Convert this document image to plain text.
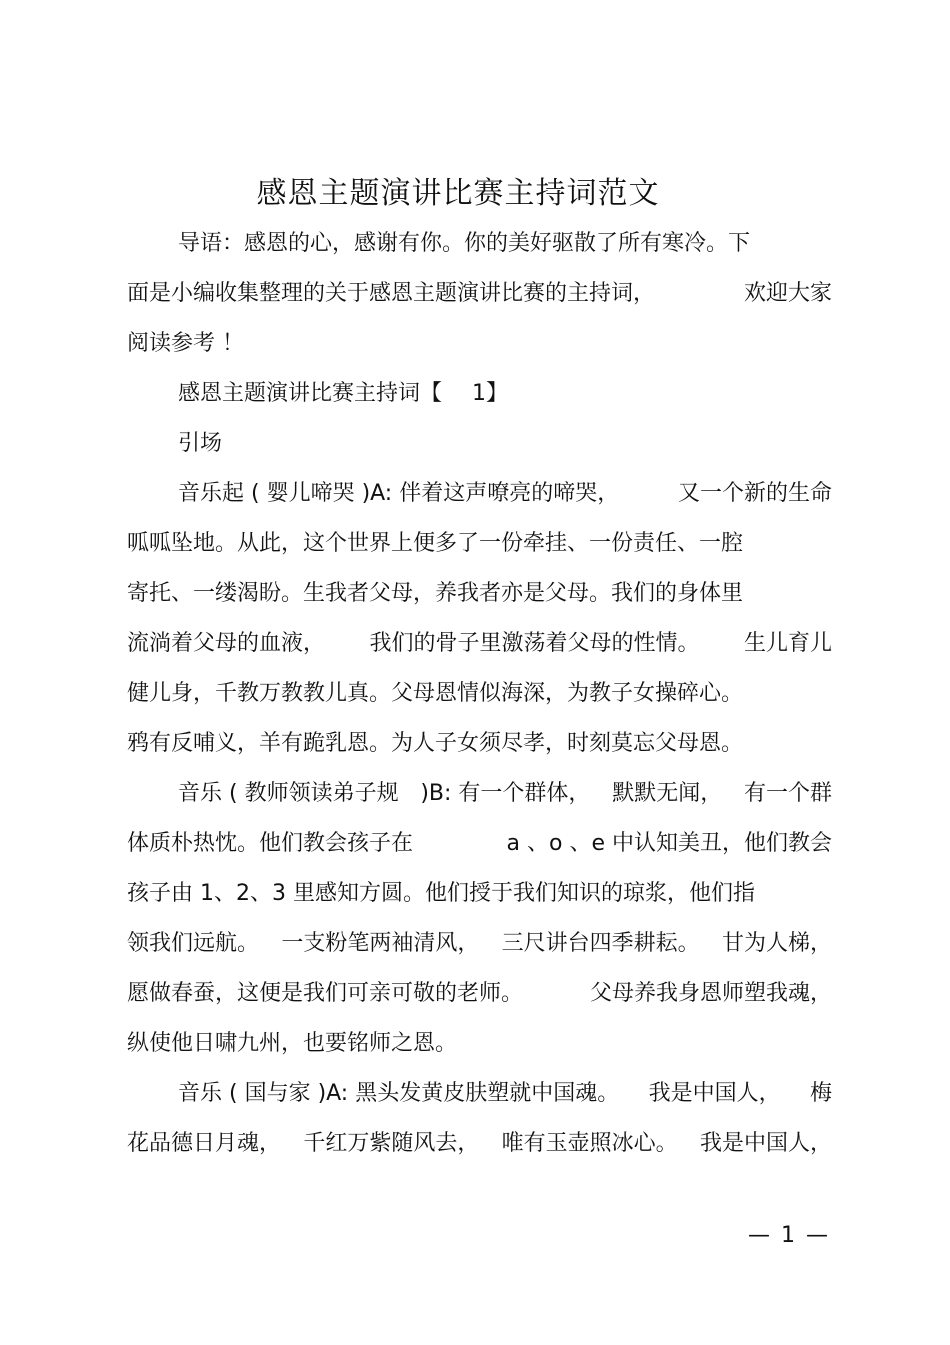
感恩主题演讲比赛主持词范文
导语：感恩的心，感谢有你。你的美好驱散了所有寒冷。下
面是小编收集整理的关于感恩主题演讲比赛的主持词，	欢迎大家
阅读参考 ！
感恩主题演讲比赛主持词【 1】
引场
音乐起 ( 婴儿啼哭 )A: 伴着这声嘹亮的啼哭，	又一个新的生命
呱呱坠地。从此，这个世界上便多了一份牵挂、一份责任、一腔
寄托、一缕渴盼。生我者父母，养我者亦是父母。我们的身体里
流淌着父母的血液， 我们的骨子里激荡着父母的性情。 生儿育儿
健儿身，千教万教教儿真。父母恩情似海深，为教子女操碎心。
鸦有反哺义，羊有跪乳恩。为人子女须尽孝，时刻莫忘父母恩。
音乐 ( 教师领读弟子规 )B: 有一个群体， 默默无闻， 有一个群
体质朴热忱。他们教会孩子在	a 、o 、e 中认知美丑，他们教会
孩子由 1、2、3 里感知方圆。他们授于我们知识的琼浆，他们指
领我们远航。 一支粉笔两袖清风， 三尺讲台四季耕耘。 甘为人梯，
愿做春蚕，这便是我们可亲可敬的老师。	父母养我身恩师塑我魂，
纵使他日啸九州，也要铭师之恩。
音乐 ( 国与家 )A: 黑头发黄皮肤塑就中国魂。 我是中国人， 梅
花品德日月魂， 千红万紫随风去， 唯有玉壶照冰心。 我是中国人，
— 1 —
